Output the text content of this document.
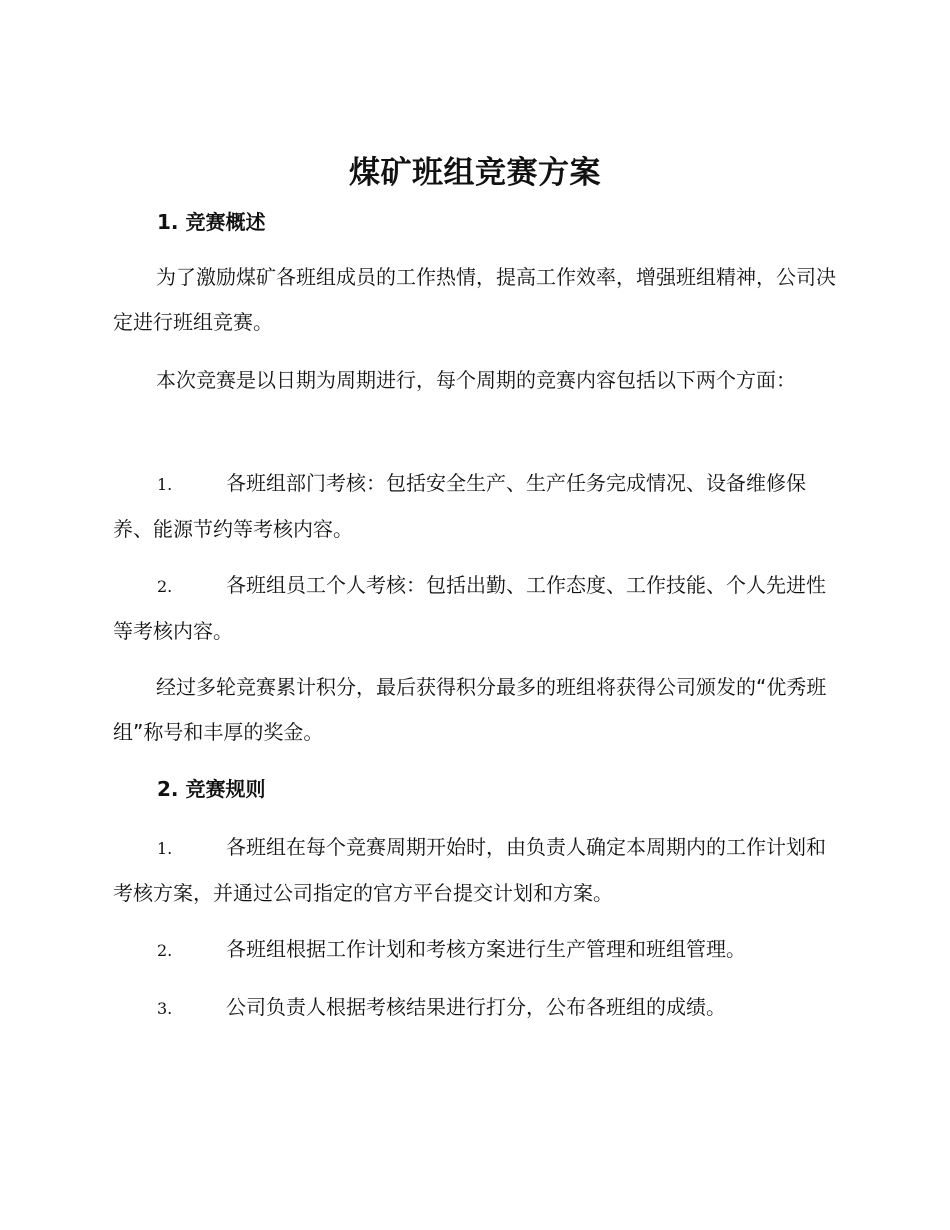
煤矿班组竞赛方案
1. 竞赛概述

为了激励煤矿各班组成员的工作热情，提高工作效率，增强班组精神，公司决定进行班组竞赛。

本次竞赛是以日期为周期进行，每个周期的竞赛内容包括以下两个方面：

1.	各班组部门考核：包括安全生产、生产任务完成情况、设备维修保养、能源节约等考核内容。

2.	各班组员工个人考核：包括出勤、工作态度、工作技能、个人先进性等考核内容。

经过多轮竞赛累计积分，最后获得积分最多的班组将获得公司颁发的“优秀班组”称号和丰厚的奖金。

2. 竞赛规则

1.	各班组在每个竞赛周期开始时，由负责人确定本周期内的工作计划和考核方案，并通过公司指定的官方平台提交计划和方案。

2.	各班组根据工作计划和考核方案进行生产管理和班组管理。

3.	公司负责人根据考核结果进行打分，公布各班组的成绩。
